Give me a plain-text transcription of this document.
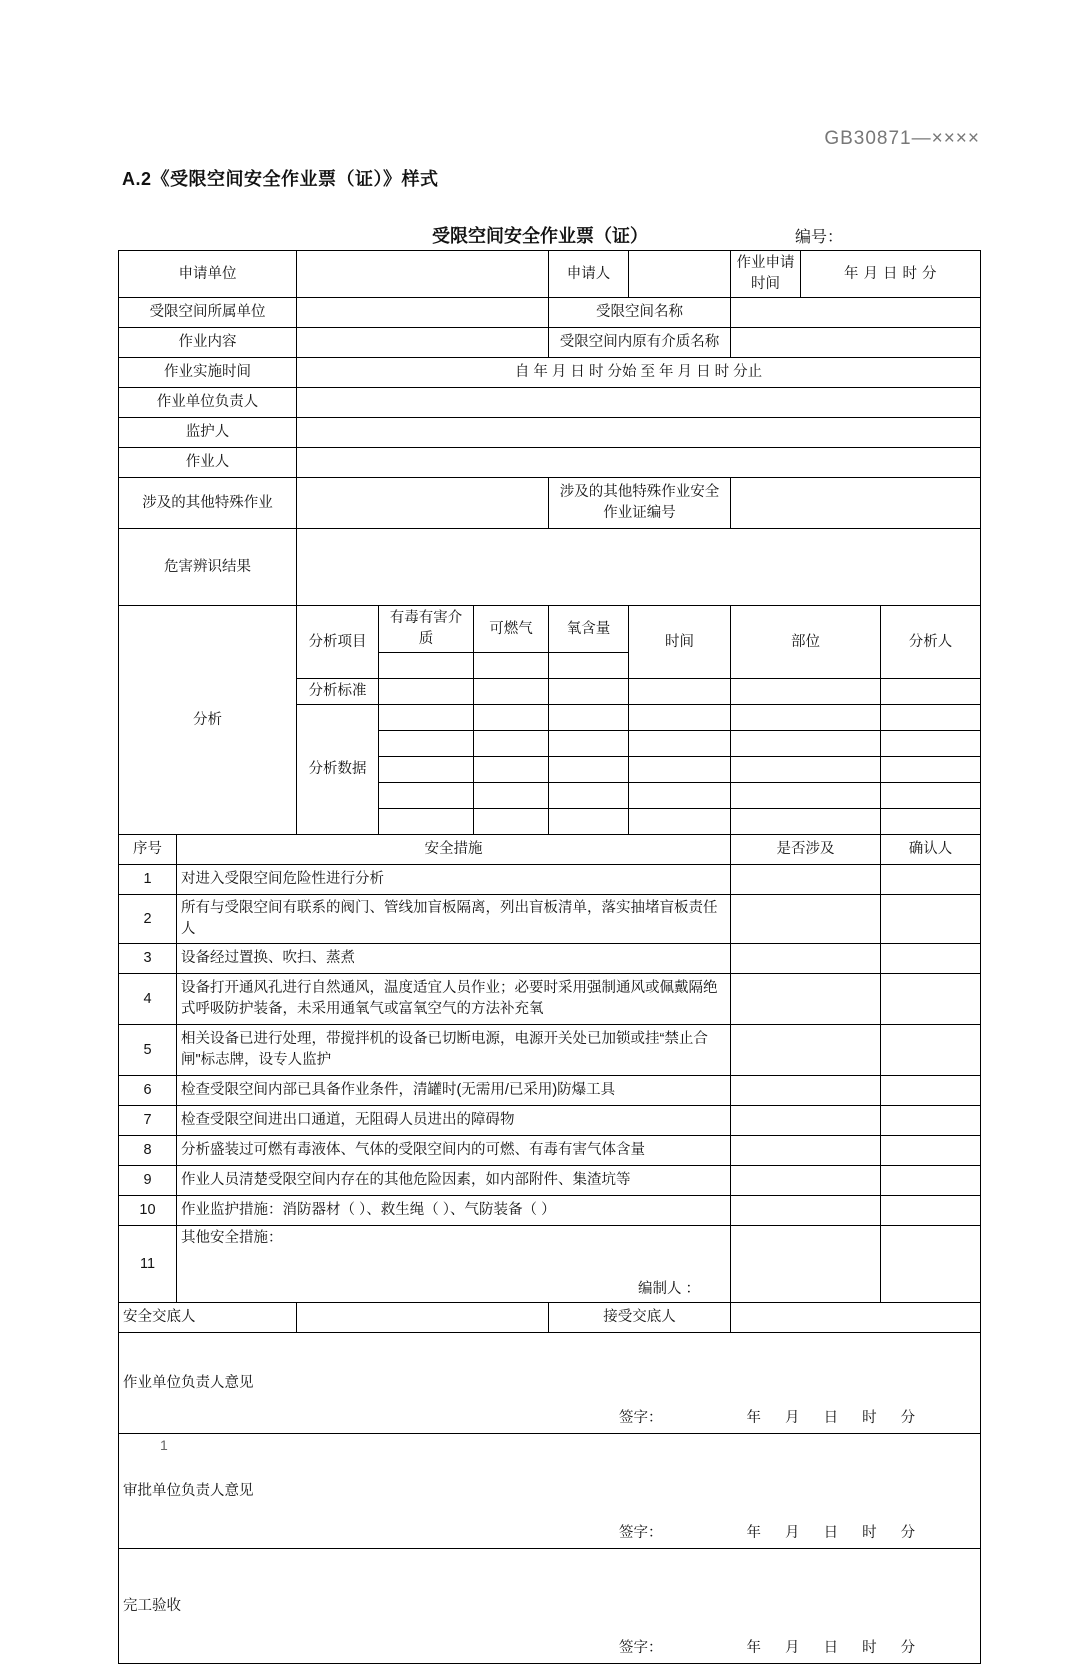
GB30871—××××
A.2《受限空间安全作业票（证）》样式
受限空间安全作业票（证）	编号：
申请单位					申请人		作业申请时间	年 月 日 时 分	
受限空间所属单位					受限空间名称				
作业内容					受限空间内原有介质名称				
作业实施时间		自 年 月 日 时 分始 至 年 月 日 时 分止							
作业单位负责人									
监护人									
作业人									
涉及的其他特殊作业					涉及的其他特殊作业安全作业证编号				
危害辨识结果									
分析		分析项目	有毒有害介质	可燃气	氧含量	时间	部位		分析人

		分析标准							
		分析数据							

序号	安全措施						是否涉及		确认人
1	对进入受限空间危险性进行分析								
2	所有与受限空间有联系的阀门、管线加盲板隔离，列出盲板清单，落实抽堵盲板责任人								
3	设备经过置换、吹扫、蒸煮								
4	设备打开通风孔进行自然通风，温度适宜人员作业；必要时采用强制通风或佩戴隔绝式呼吸防护装备，未采用通氧气或富氧空气的方法补充氧								
5	相关设备已进行处理，带搅拌机的设备已切断电源，电源开关处已加锁或挂“禁止合闸"标志牌，设专人监护								
6	检查受限空间内部已具备作业条件，清罐时(无需用/已采用)防爆工具								
7	检查受限空间进出口通道，无阻碍人员进出的障碍物								
8	分析盛装过可燃有毒液体、气体的受限空间内的可燃、有毒有害气体含量								
9	作业人员清楚受限空间内存在的其他危险因素，如内部附件、集渣坑等								
10	作业监护措施：消防器材（ ）、救生绳（ ）、气防装备（ ）								
11	其他安全措施：
编制人 ：								

安全交底人					接受交底人				
作业单位负责人意见
签字： 年 月 日 时 分									

审批单位负责人意见
签字： 年 月 日 时 分									

完工验收
签字： 年 月 日 时 分									
1
